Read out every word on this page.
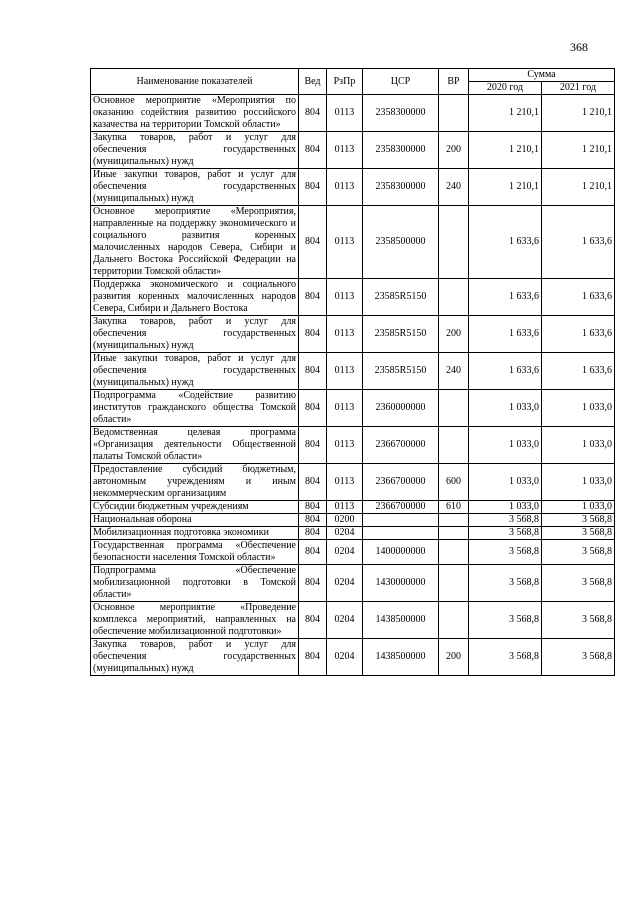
368
Наименование показателей	Вед	РзПр	ЦСР	ВР	Сумма	
					2020 год	2021 год
Основное мероприятие «Мероприятия по оказанию содействия развитию российского казачества на территории Томской области»	804	0113	2358300000		1 210,1	1 210,1
Закупка товаров, работ и услуг для обеспечения государственных (муниципальных) нужд	804	0113	2358300000	200	1 210,1	1 210,1
Иные закупки товаров, работ и услуг для обеспечения государственных (муниципальных) нужд	804	0113	2358300000	240	1 210,1	1 210,1
Основное мероприятие «Мероприятия, направленные на поддержку экономического и социального развития коренных малочисленных народов Севера, Сибири и Дальнего Востока Российской Федерации на территории Томской области»	804	0113	2358500000		1 633,6	1 633,6
Поддержка экономического и социального развития коренных малочисленных народов Севера, Сибири и Дальнего Востока	804	0113	23585R5150		1 633,6	1 633,6
Закупка товаров, работ и услуг для обеспечения государственных (муниципальных) нужд	804	0113	23585R5150	200	1 633,6	1 633,6
Иные закупки товаров, работ и услуг для обеспечения государственных (муниципальных) нужд	804	0113	23585R5150	240	1 633,6	1 633,6
Подпрограмма «Содействие развитию институтов гражданского общества Томской области»	804	0113	2360000000		1 033,0	1 033,0
Ведомственная целевая программа «Организация деятельности Общественной палаты Томской области»	804	0113	2366700000		1 033,0	1 033,0
Предоставление субсидий бюджетным, автономным учреждениям и иным некоммерческим организациям	804	0113	2366700000	600	1 033,0	1 033,0
Субсидии бюджетным учреждениям	804	0113	2366700000	610	1 033,0	1 033,0
Национальная оборона	804	0200			3 568,8	3 568,8
Мобилизационная подготовка экономики	804	0204			3 568,8	3 568,8
Государственная программа «Обеспечение безопасности населения Томской области»	804	0204	1400000000		3 568,8	3 568,8
Подпрограмма «Обеспечение мобилизационной подготовки в Томской области»	804	0204	1430000000		3 568,8	3 568,8
Основное мероприятие «Проведение комплекса мероприятий, направленных на обеспечение мобилизационной подготовки»	804	0204	1438500000		3 568,8	3 568,8
Закупка товаров, работ и услуг для обеспечения государственных (муниципальных) нужд	804	0204	1438500000	200	3 568,8	3 568,8
